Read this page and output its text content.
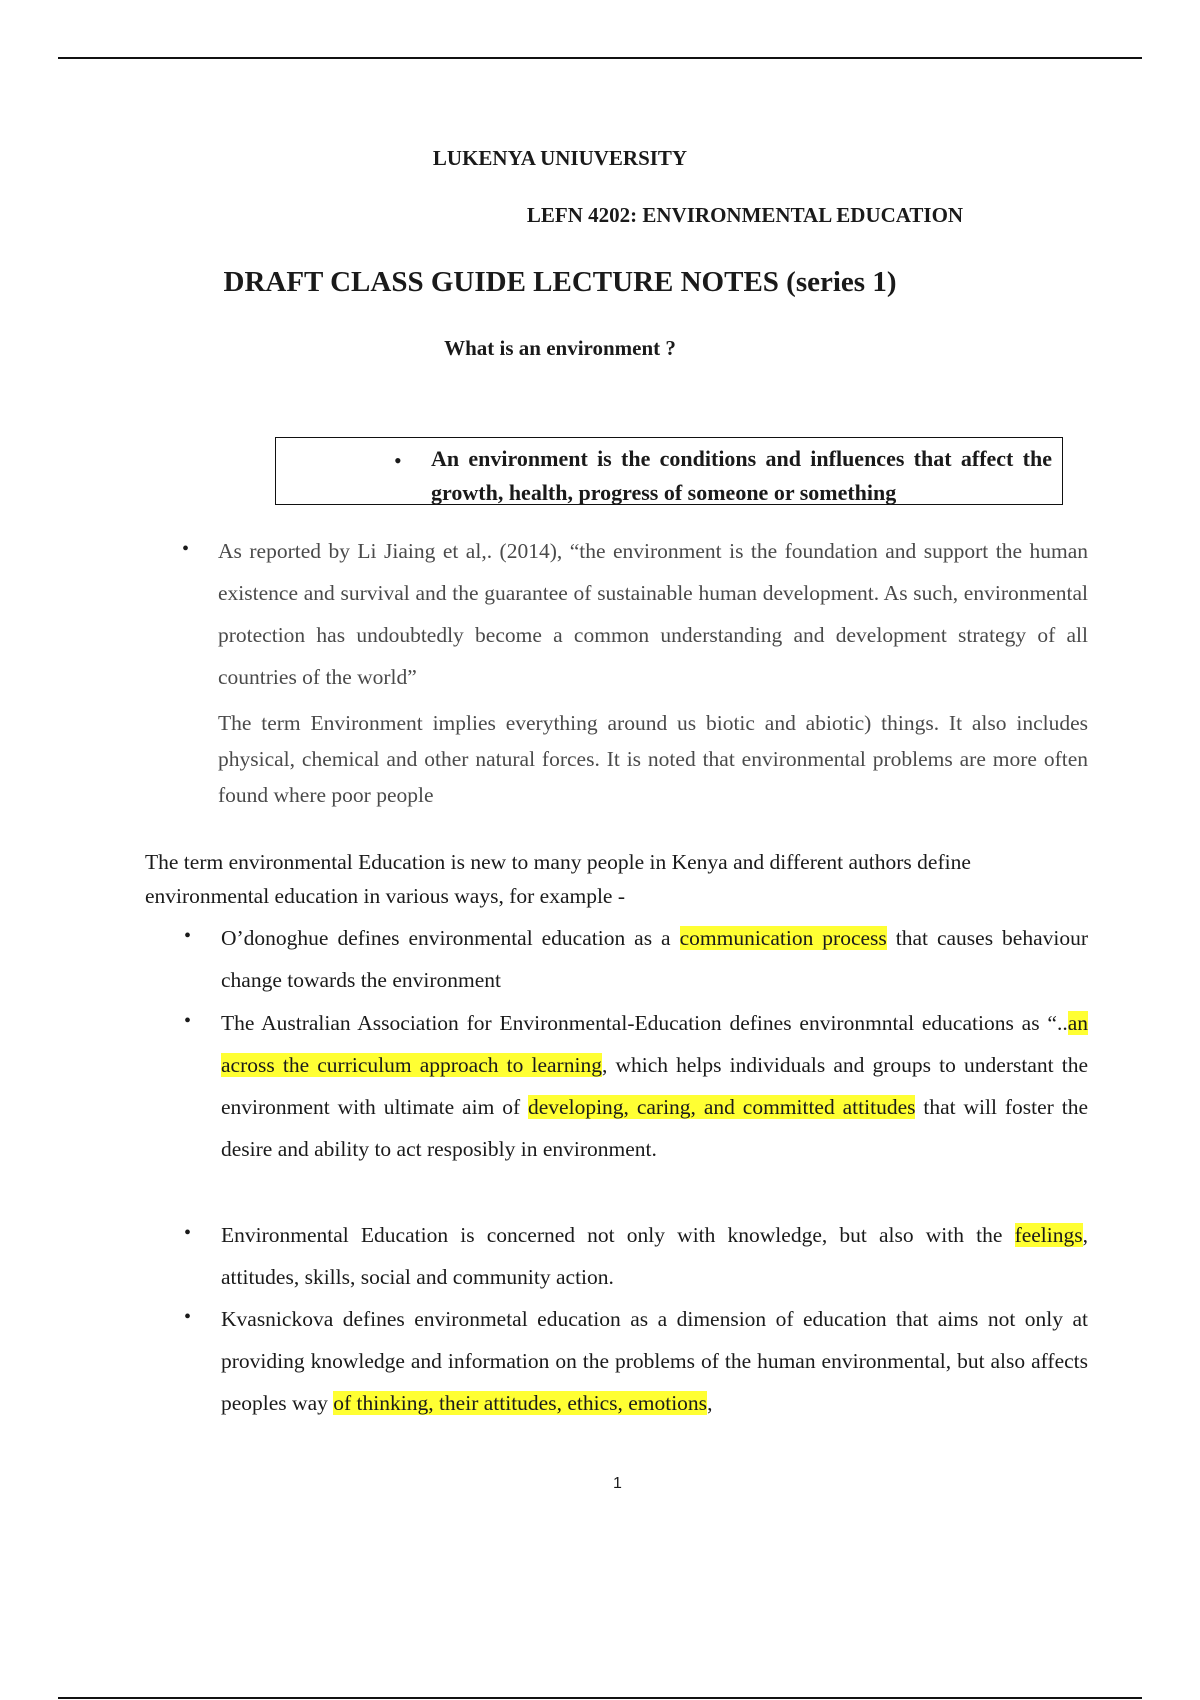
LUKENYA UNIUVERSITY
LEFN 4202: ENVIRONMENTAL EDUCATION
DRAFT CLASS GUIDE LECTURE NOTES (series 1)
What is an environment ?
• An environment is the conditions and influences that affect the growth, health, progress of someone or something
• As reported by Li Jiaing et al,. (2014), “the environment is the foundation and support the human existence and survival and the guarantee of sustainable human development. As such, environmental protection has undoubtedly become a common understanding and development strategy of all countries of the world”
The term Environment implies everything around us biotic and abiotic) things. It also includes physical, chemical and other natural forces. It is noted that environmental problems are more often found where poor people
The term environmental Education is new to many people in Kenya and different authors define environmental education in various ways, for example -
• O’donoghue defines environmental education as a communication process that causes behaviour change towards the environment
• The Australian Association for Environmental-Education defines environmntal educations as “..an across the curriculum approach to learning, which helps individuals and groups to understant the environment with ultimate aim of developing, caring, and committed attitudes that will foster the desire and ability to act resposibly in environment.
• Environmental Education is concerned not only with knowledge, but also with the feelings, attitudes, skills, social and community action.
• Kvasnickova defines environmetal education as a dimension of education that aims not only at providing knowledge and information on the problems of the human environmental, but also affects peoples way of thinking, their attitudes, ethics, emotions,
1
